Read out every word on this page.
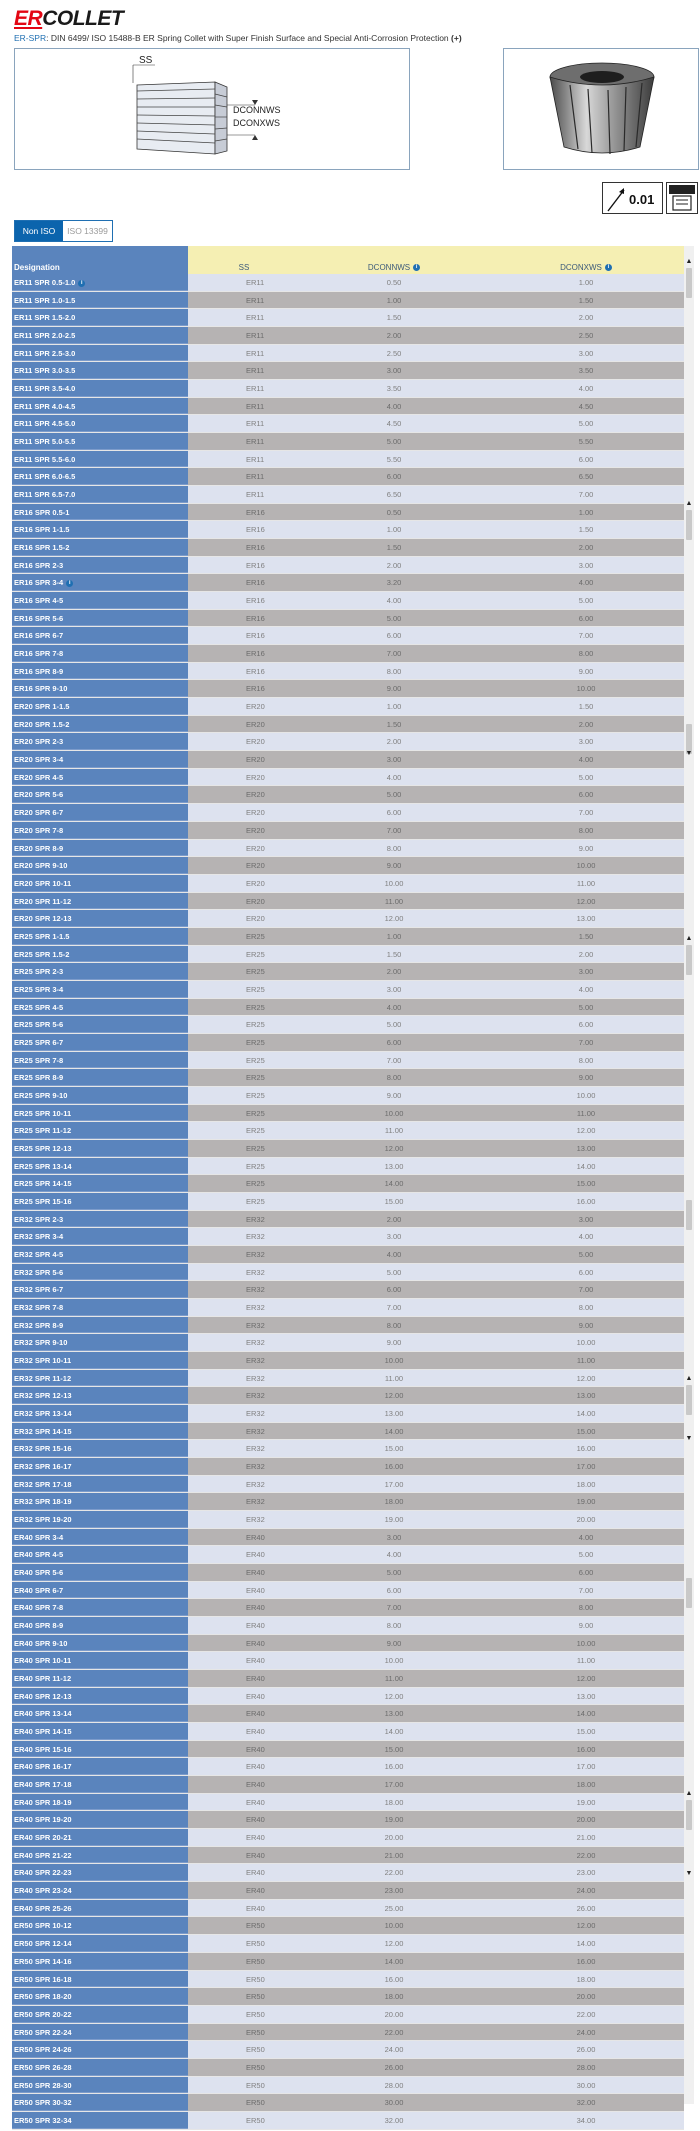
ERCOLLET
ER-SPR: DIN 6499/ ISO 15488-B ER Spring Collet with Super Finish Surface and Special Anti-Corrosion Protection (+)
SS
DCONNWS
DCONXWS
0.01
Non ISO	ISO 13399
Designation	SS	DCONNWS i	DCONXWS i
ER11 SPR 0.5-1.0 i	ER11	0.50	1.00
ER11 SPR 1.0-1.5	ER11	1.00	1.50
ER11 SPR 1.5-2.0	ER11	1.50	2.00
ER11 SPR 2.0-2.5	ER11	2.00	2.50
ER11 SPR 2.5-3.0	ER11	2.50	3.00
ER11 SPR 3.0-3.5	ER11	3.00	3.50
ER11 SPR 3.5-4.0	ER11	3.50	4.00
ER11 SPR 4.0-4.5	ER11	4.00	4.50
ER11 SPR 4.5-5.0	ER11	4.50	5.00
ER11 SPR 5.0-5.5	ER11	5.00	5.50
ER11 SPR 5.5-6.0	ER11	5.50	6.00
ER11 SPR 6.0-6.5	ER11	6.00	6.50
ER11 SPR 6.5-7.0	ER11	6.50	7.00
ER16 SPR 0.5-1	ER16	0.50	1.00
ER16 SPR 1-1.5	ER16	1.00	1.50
ER16 SPR 1.5-2	ER16	1.50	2.00
ER16 SPR 2-3	ER16	2.00	3.00
ER16 SPR 3-4 i	ER16	3.20	4.00
ER16 SPR 4-5	ER16	4.00	5.00
ER16 SPR 5-6	ER16	5.00	6.00
ER16 SPR 6-7	ER16	6.00	7.00
ER16 SPR 7-8	ER16	7.00	8.00
ER16 SPR 8-9	ER16	8.00	9.00
ER16 SPR 9-10	ER16	9.00	10.00
ER20 SPR 1-1.5	ER20	1.00	1.50
ER20 SPR 1.5-2	ER20	1.50	2.00
ER20 SPR 2-3	ER20	2.00	3.00
ER20 SPR 3-4	ER20	3.00	4.00
ER20 SPR 4-5	ER20	4.00	5.00
ER20 SPR 5-6	ER20	5.00	6.00
ER20 SPR 6-7	ER20	6.00	7.00
ER20 SPR 7-8	ER20	7.00	8.00
ER20 SPR 8-9	ER20	8.00	9.00
ER20 SPR 9-10	ER20	9.00	10.00
ER20 SPR 10-11	ER20	10.00	11.00
ER20 SPR 11-12	ER20	11.00	12.00
ER20 SPR 12-13	ER20	12.00	13.00
ER25 SPR 1-1.5	ER25	1.00	1.50
ER25 SPR 1.5-2	ER25	1.50	2.00
ER25 SPR 2-3	ER25	2.00	3.00
ER25 SPR 3-4	ER25	3.00	4.00
ER25 SPR 4-5	ER25	4.00	5.00
ER25 SPR 5-6	ER25	5.00	6.00
ER25 SPR 6-7	ER25	6.00	7.00
ER25 SPR 7-8	ER25	7.00	8.00
ER25 SPR 8-9	ER25	8.00	9.00
ER25 SPR 9-10	ER25	9.00	10.00
ER25 SPR 10-11	ER25	10.00	11.00
ER25 SPR 11-12	ER25	11.00	12.00
ER25 SPR 12-13	ER25	12.00	13.00
ER25 SPR 13-14	ER25	13.00	14.00
ER25 SPR 14-15	ER25	14.00	15.00
ER25 SPR 15-16	ER25	15.00	16.00
ER32 SPR 2-3	ER32	2.00	3.00
ER32 SPR 3-4	ER32	3.00	4.00
ER32 SPR 4-5	ER32	4.00	5.00
ER32 SPR 5-6	ER32	5.00	6.00
ER32 SPR 6-7	ER32	6.00	7.00
ER32 SPR 7-8	ER32	7.00	8.00
ER32 SPR 8-9	ER32	8.00	9.00
ER32 SPR 9-10	ER32	9.00	10.00
ER32 SPR 10-11	ER32	10.00	11.00
ER32 SPR 11-12	ER32	11.00	12.00
ER32 SPR 12-13	ER32	12.00	13.00
ER32 SPR 13-14	ER32	13.00	14.00
ER32 SPR 14-15	ER32	14.00	15.00
ER32 SPR 15-16	ER32	15.00	16.00
ER32 SPR 16-17	ER32	16.00	17.00
ER32 SPR 17-18	ER32	17.00	18.00
ER32 SPR 18-19	ER32	18.00	19.00
ER32 SPR 19-20	ER32	19.00	20.00
ER40 SPR 3-4	ER40	3.00	4.00
ER40 SPR 4-5	ER40	4.00	5.00
ER40 SPR 5-6	ER40	5.00	6.00
ER40 SPR 6-7	ER40	6.00	7.00
ER40 SPR 7-8	ER40	7.00	8.00
ER40 SPR 8-9	ER40	8.00	9.00
ER40 SPR 9-10	ER40	9.00	10.00
ER40 SPR 10-11	ER40	10.00	11.00
ER40 SPR 11-12	ER40	11.00	12.00
ER40 SPR 12-13	ER40	12.00	13.00
ER40 SPR 13-14	ER40	13.00	14.00
ER40 SPR 14-15	ER40	14.00	15.00
ER40 SPR 15-16	ER40	15.00	16.00
ER40 SPR 16-17	ER40	16.00	17.00
ER40 SPR 17-18	ER40	17.00	18.00
ER40 SPR 18-19	ER40	18.00	19.00
ER40 SPR 19-20	ER40	19.00	20.00
ER40 SPR 20-21	ER40	20.00	21.00
ER40 SPR 21-22	ER40	21.00	22.00
ER40 SPR 22-23	ER40	22.00	23.00
ER40 SPR 23-24	ER40	23.00	24.00
ER40 SPR 25-26	ER40	25.00	26.00
ER50 SPR 10-12	ER50	10.00	12.00
ER50 SPR 12-14	ER50	12.00	14.00
ER50 SPR 14-16	ER50	14.00	16.00
ER50 SPR 16-18	ER50	16.00	18.00
ER50 SPR 18-20	ER50	18.00	20.00
ER50 SPR 20-22	ER50	20.00	22.00
ER50 SPR 22-24	ER50	22.00	24.00
ER50 SPR 24-26	ER50	24.00	26.00
ER50 SPR 26-28	ER50	26.00	28.00
ER50 SPR 28-30	ER50	28.00	30.00
ER50 SPR 30-32	ER50	30.00	32.00
ER50 SPR 32-34	ER50	32.00	34.00
▲
▲
▲
▲
▲
▼
▼
▼
